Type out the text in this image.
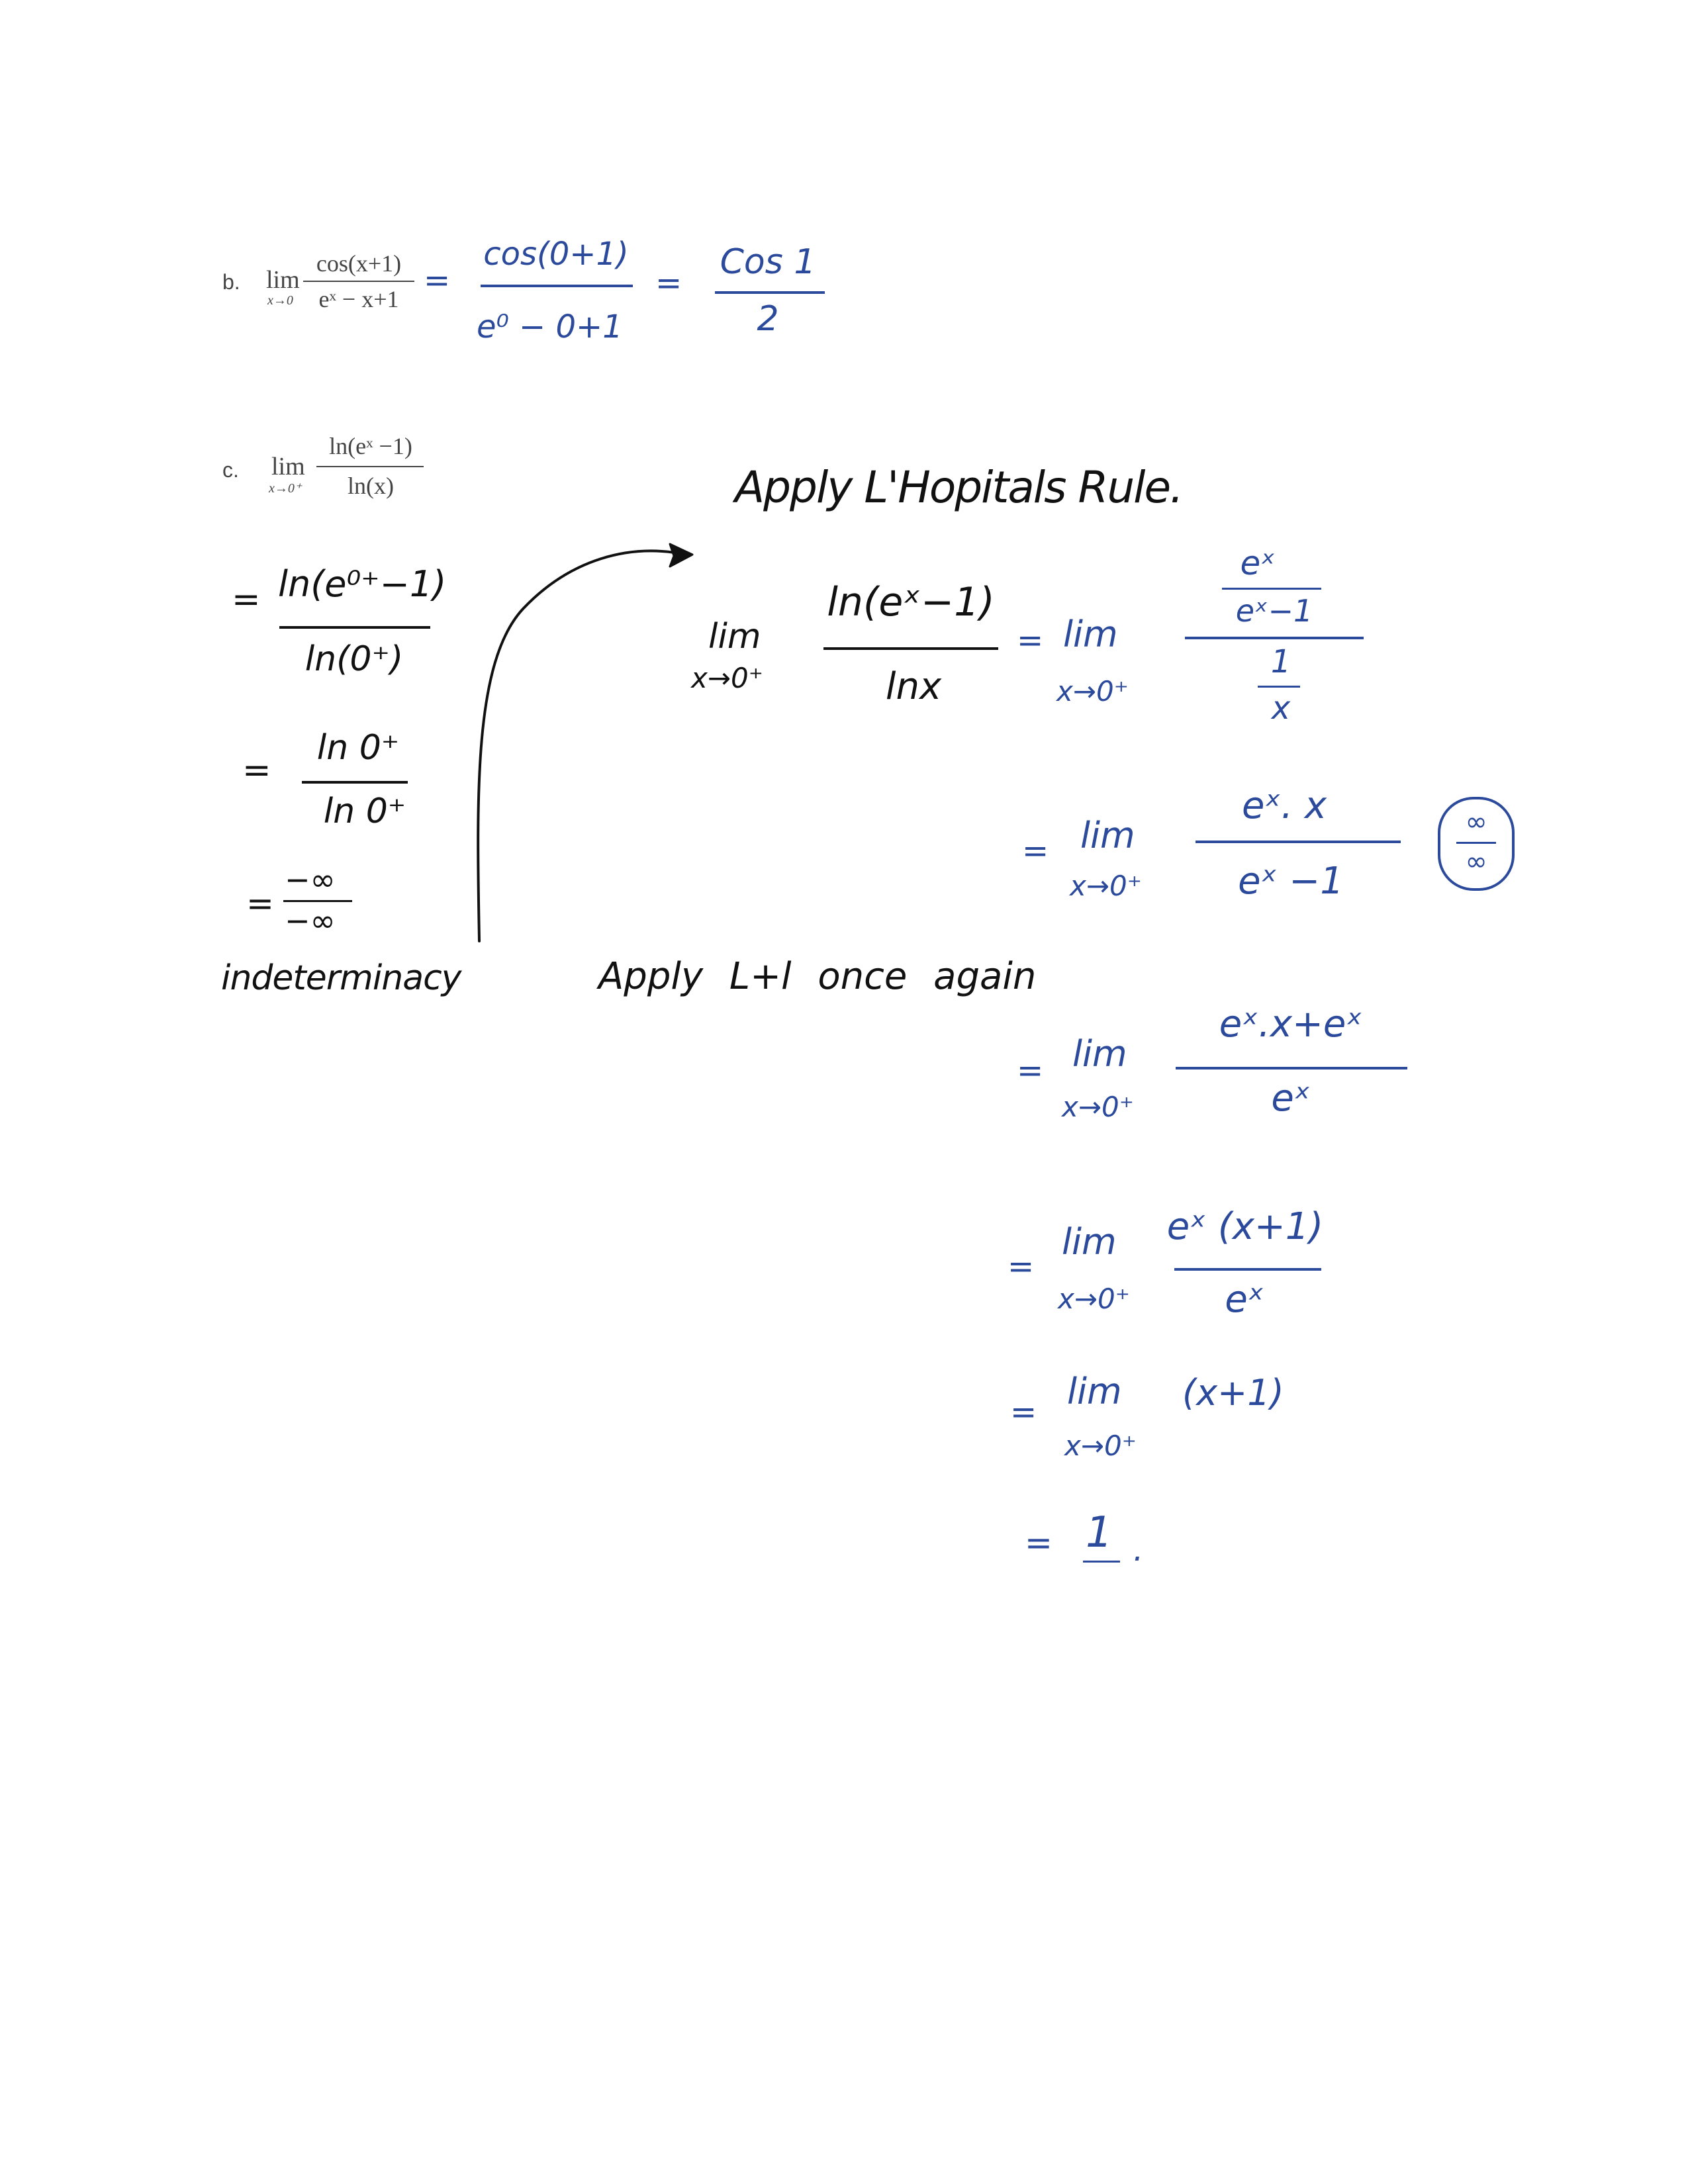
b. lim
x→0
cos(x+1)
eˣ − x+1 =
cos(0+1)
e⁰ − 0+1
=
Cos 1
2
c. lim
x→0⁺
ln(eˣ −1)
ln(x)
= ln(e⁰⁺−1)
ln(0⁺)
=
ln 0⁺
ln 0⁺
=
−∞
−∞
indeterminacy
Apply L'Hopitals Rule.
lim
x→0⁺
ln(eˣ−1)
lnx
= lim
x→0⁺
eˣ
eˣ−1
1
x
= lim
x→0⁺
eˣ. x
eˣ −1
∞
∞
Apply L+l once again
= lim
x→0⁺
eˣ.x+eˣ
eˣ
=
lim
x→0⁺
eˣ (x+1)
eˣ
= lim
x→0⁺
(x+1)
= 1 .
